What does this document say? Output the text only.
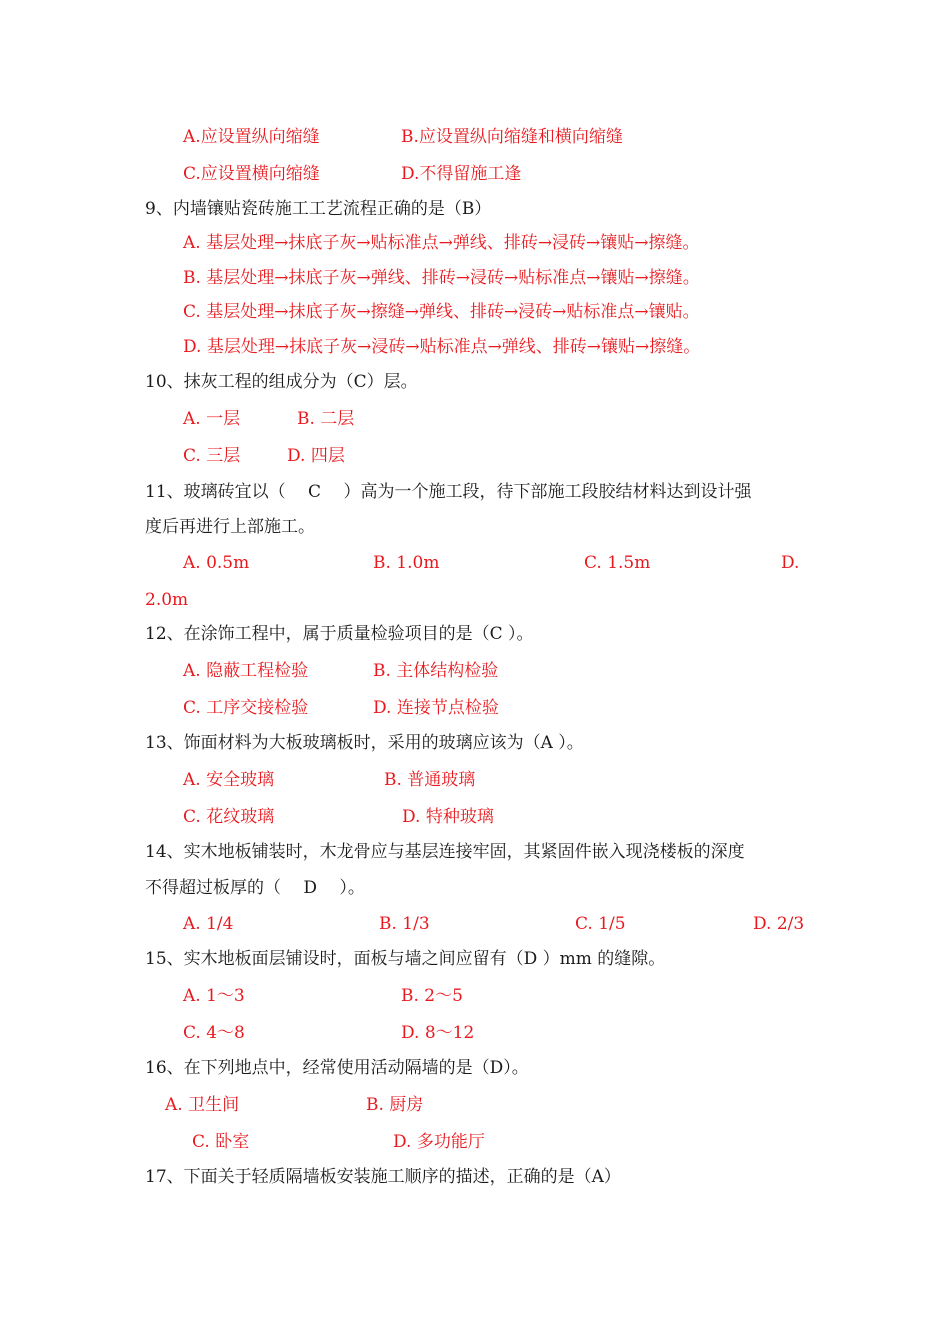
A.应设置纵向缩缝	B.应设置纵向缩缝和横向缩缝
C.应设置横向缩缝	D.不得留施工逢
9、内墙镶贴瓷砖施工工艺流程正确的是（B）
A. 基层处理→抹底子灰→贴标准点→弹线、排砖→浸砖→镶贴→擦缝。
B. 基层处理→抹底子灰→弹线、排砖→浸砖→贴标准点→镶贴→擦缝。
C. 基层处理→抹底子灰→擦缝→弹线、排砖→浸砖→贴标准点→镶贴。
D. 基层处理→抹底子灰→浸砖→贴标准点→弹线、排砖→镶贴→擦缝。
10、抹灰工程的组成分为（C）层。
A. 一层	B. 二层
C. 三层	D. 四层
11、玻璃砖宜以（　 C　 ）高为一个施工段，待下部施工段胶结材料达到设计强
度后再进行上部施工。
A. 0.5m	B. 1.0m	C. 1.5m	D.
2.0m
12、在涂饰工程中，属于质量检验项目的是（C ）。
A. 隐蔽工程检验	B. 主体结构检验
C. 工序交接检验	D. 连接节点检验
13、饰面材料为大板玻璃板时，采用的玻璃应该为（A ）。
A. 安全玻璃	B. 普通玻璃
C. 花纹玻璃	D. 特种玻璃
14、实木地板铺装时，木龙骨应与基层连接牢固，其紧固件嵌入现浇楼板的深度
不得超过板厚的（　 D　 ）。
A. 1/4	B. 1/3	C. 1/5	D. 2/3
15、实木地板面层铺设时，面板与墙之间应留有（D ）mm 的缝隙。
A. 1～3	B. 2～5
C. 4～8	D. 8～12
16、在下列地点中，经常使用活动隔墙的是（D）。
A. 卫生间	B. 厨房
C. 卧室	D. 多功能厅
17、下面关于轻质隔墙板安装施工顺序的描述，正确的是（A）
